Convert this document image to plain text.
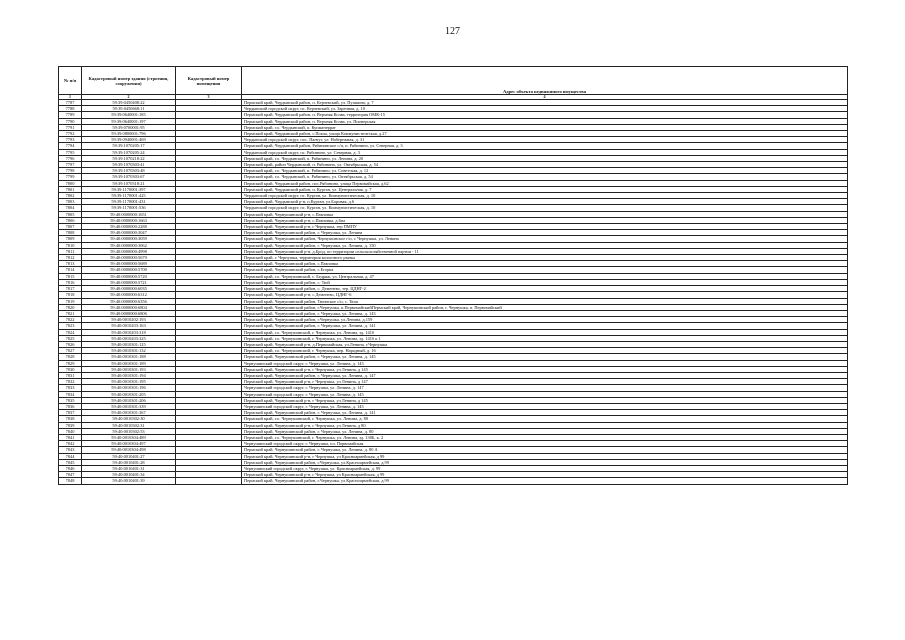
127
№ п/п	Кадастровый номер здания (строения, сооружения)	Кадастровый номер помещения	
			Адрес объекта недвижимого имущества
1	2	3	4
7787	59:39:0450408:22		Пермский край, Чердынский район, п. Керчевский, ул. Пушкина, д. 7
7788	59:39:0450668:11		Чердынский городской округ, пс. Керчевский, ул. Заречная, д. 10
7789	59:39:0640001:185		Пермский край, Чердынский район, п. Верхняя Колва, территория ОМК-15
7790	59:39:0640001:197		Пермский край, Чердынский район, п. Верхняя Колва, ул. Пионерская
7791	59:39:0700001:95		Пермский край, г.о. Чердынский, п. Купманеррат
7792	59:39:0800001:796		Пермский край, Чердынский район, с.Покча, улица Коммунистическая, д.27
7793	59:39:0940001:469		Чердынский городской округ, пос. Пантуг, ул. Набережная, д. 31
7794	59:39:1070205:17		Пермский край, Чердынский район, Рябининское с/п, п. Рябинино, ул. Северная, д. 3
7795	59:39:1070205:24		Чердынский городской округ, пс. Рябинино, ул. Северная, д. 3
7796	59:39:1070218:22		Пермский край, г.о. Чердынский, п. Рябинино, ул. Ленина, д. 20
7797	59:39:1070303:41		Пермский край, район Чердынский, п. Рябинино, ул. Октябрьская, д. 54
7798	59:39:1070303:48		Пермский край, г.о. Чердынский, п. Рябинино, ул. Советская, д. 12
7799	59:39:1070303:67		Пермский край, г.о. Чердынский, п. Рябинино, ул. Октябрьская, д. 54
7800	59:39:1070318:21		Пермский край, Чердынский район, пос.Рябинино, улица Первомайская, д.62
7801	59:39:1170001:397		Пермский край, Чердынский район, п. Курган, ул. Центральная, д. 7
7802	59:39:1170001:425		Чердынский городской округ, пс. Курган, ул. Коммунистическая, д. 10
7803	59:39:1170001:431		Пермский край, Чердынский р-н, п.Курган, ул.Боровая, д.6
7804	59:39:1170001:536		Чердынский городской округ, пс. Курган, ул. Коммунистическая, д. 10
7805	59:40:0000000:1651		Пермский край, Чернушинский р-н, с.Павловка
7806	59:40:0000000:1663		Пермский край, Чернушинский р-н, с.Павловка, д.6па
7807	59:40:0000000:2288		Пермский край, Чернушинский р-н, г Чернушка, тер ПМПУ
7808	59:40:0000000:3047		Пермский край, Чернушинский район, г. Чернушка, ул. Ленина
7809	59:40:0000000:3059		Пермский край, Чернушинский район, Чернушинское г/п, г. Чернушка, ул. Ленина
7810	59:40:0000000:3062		Пермский край, Чернушинский район, г. Чернушка, ул. Ленина, д. 150
7811	59:40:0000000:4998		Пермский край, Чернушинский р-н, д.Брод, по территории сельскохозяйственной партии - 11
7812	59:40:0000000:5679		Пермский край, г. Чернушка, территория колхозного рынка
7813	59:40:0000000:5689		Пермский край, Чернушинский район, с.Павловка
7814	59:40:0000000:5700		Пермский край, Чернушинский район, с.Егорка
7815	59:40:0000000:5720		Пермский край, г.о. Чернушинский, с. Бедряж, ул. Центральная, д. 47
7816	59:40:0000000:5721		Пермский край, Чернушинский район, с. Тюй
7817	59:40:0000000:6035		Пермский край, Чернушинский район, с. Деменево, тер. ЦДНГ-2
7818	59:40:0000000:6312		Пермский край, Чернушинский р-н, с.Деменево, ЦДНГ-6
7819	59:40:0000000:6356		Пермский край, Чернушинский район, Тюинское с/п, с. Тюш
7820	59:40:0000000:6804		Пермский край, Чернушинский район, г.Чернушка, п.ПервомайскийПермский край, Чернушинский район, г. Чернушка, п. Первомайский
7821	59:40:0000000:6806		Пермский край, Чернушинский район, г. Чернушка, ул. Ленина, д. 143
7822	59:40:0010202:193		Пермский край, Чернушинский район, г.Чернушка, ул.Ленина, д.159
7823	59:40:0010203:163		Пермский край, Чернушинский район, г. Чернушка, ул. Ленина, д. 141
7824	59:40:0010203:318		Пермский край, г.о. Чернушинский, г. Чернушка, ул. Ленина, зд. 141б
7825	59:40:0010203:325		Пермский край, г.о. Чернушинский, г. Чернушка, ул. Ленина, зд. 141б к 1
7826	59:40:0010301:125		Пермский край, Чернушинский р-н, д.Первомайская, ул.Ленина, г.Чернушка
7827	59:40:0010301:132		Пермский край, г.о. Чернушинский, г. Чернушка, пер. Народный, д. 16
7828	59:40:0010301:188		Пермский край, Чернушинский район, г. Чернушка, ул. Ленина, д. 145
7829	59:40:0010301:189		Чернушинский городской округ, г. Чернушка, ул. Ленина, д. 145
7830	59:40:0010301:193		Пермский край, Чернушинский р-н, г Чернушка, ул Ленина, д 145
7831	59:40:0010301:194		Пермский край, Чернушинский район, г. Чернушка, ул. Ленина, д. 147
7832	59:40:0010301:195		Пермский край, Чернушинский р-н, г Чернушка, ул Ленина, д 147
7833	59:40:0010301:196		Чернушинский городской округ, г. Чернушка, ул. Ленина, д. 147
7834	59:40:0010301:205		Чернушинский городской округ, г. Чернушка, ул. Ленина, д. 145
7835	59:40:0010301:206		Пермский край, Чернушинский р-н, г Чернушка, ул Ленина, д 145
7836	59:40:0010301:339		Чернушинский городской округ, г. Чернушка, ул. Ленина, д. 145
7837	59:40:0010301:367		Пермский край, Чернушинский район, г. Чернушка, ул. Ленина, д. 141
7838	59:40:0010302:30		Пермский край, г.о. Чернушинский, г. Чернушка, ул. Ленина, д. 80
7839	59:40:0010302:31		Пермский край, Чернушинский р-н, г Чернушка, ул Ленина, д 80
7840	59:40:0010302:53		Пермский край, Чернушинский район, г. Чернушка, ул. Ленина, д. 80
7841	59:40:0010304:489		Пермский край, г.о. Чернушинский, г. Чернушка, ул. Ленина, зд. 130Б, к. 2
7842	59:40:0010304:497		Чернушинский городской округ, г. Чернушка, пл. Первомайская
7843	59:40:0010304:498		Пермский край, Чернушинский район, г. Чернушка, ул. Ленина, д. 80 А
7844	59:40:0010401:27		Пермский край, Чернушинский р-н, г Чернушка, ул Красноармейская, д 99
7845	59:40:0010401:28		Пермский край, Чернушинский район, г.Чернушка, ул.Красноармейская, д.99
7846	59:40:0010401:31		Чернушинский городской округ, г. Чернушка, ул. Красноармейская, д. 99
7847	59:40:0010401:34		Пермский край, Чернушинский р-н, г Чернушка, ул Красноармейская, д 99
7848	59:40:0010401:39		Пермский край, Чернушинский район, г.Чернушка, ул.Красноармейская, д.99
